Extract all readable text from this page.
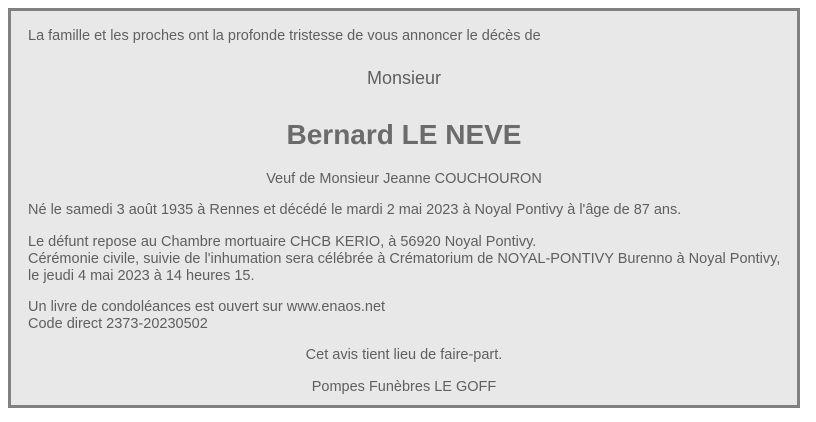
La famille et les proches ont la profonde tristesse de vous annoncer le décès de

Monsieur

Bernard LE NEVE

Veuf de Monsieur Jeanne COUCHOURON

Né le samedi 3 août 1935 à Rennes et décédé le mardi 2 mai 2023 à Noyal Pontivy à l'âge de 87 ans.

Le défunt repose au Chambre mortuaire CHCB KERIO, à 56920 Noyal Pontivy.

Cérémonie civile, suivie de l'inhumation sera célébrée à Crématorium de NOYAL-PONTIVY Burenno à Noyal Pontivy,

le jeudi 4 mai 2023 à 14 heures 15.

Un livre de condoléances est ouvert sur www.enaos.net

Code direct 2373-20230502

Cet avis tient lieu de faire-part.

Pompes Funèbres LE GOFF
